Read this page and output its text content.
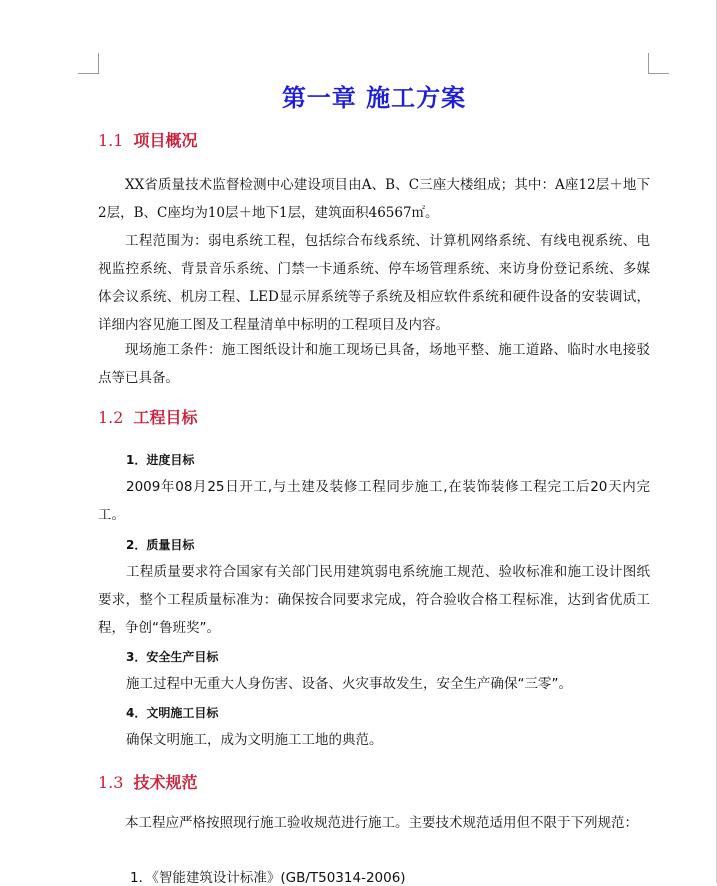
第一章 施工方案
1.1 项目概况

XX省质量技术监督检测中心建设项目由A、B、C三座大楼组成；其中：A座12层＋地下2层，B、C座均为10层＋地下1层，建筑面积46567㎡。

工程范围为：弱电系统工程，包括综合布线系统、计算机网络系统、有线电视系统、电视监控系统、背景音乐系统、门禁一卡通系统、停车场管理系统、来访身份登记系统、多媒体会议系统、机房工程、LED显示屏系统等子系统及相应软件系统和硬件设备的安装调试，详细内容见施工图及工程量清单中标明的工程项目及内容。

现场施工条件：施工图纸设计和施工现场已具备，场地平整、施工道路、临时水电接驳点等已具备。

1.2 工程目标
1．进度目标

2009年08月25日开工,与土建及装修工程同步施工,在装饰装修工程完工后20天内完工。

2．质量目标

工程质量要求符合国家有关部门民用建筑弱电系统施工规范、验收标准和施工设计图纸要求，整个工程质量标准为：确保按合同要求完成，符合验收合格工程标准，达到省优质工程，争创“鲁班奖”。

3．安全生产目标

施工过程中无重大人身伤害、设备、火灾事故发生，安全生产确保“三零”。

4．文明施工目标

确保文明施工，成为文明施工工地的典范。

1.3 技术规范

本工程应严格按照现行施工验收规范进行施工。主要技术规范适用但不限于下列规范：

1．《智能建筑设计标准》(GB/T50314-2006)
